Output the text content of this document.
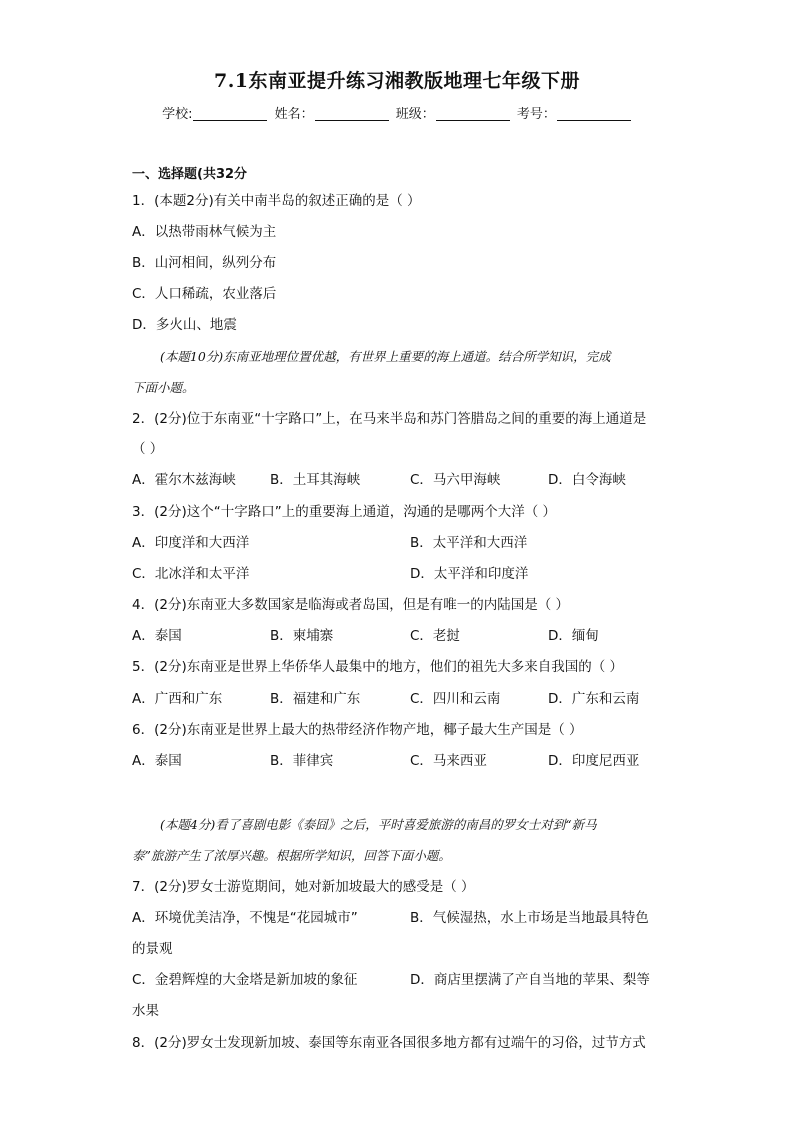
7.1东南亚提升练习湘教版地理七年级下册
学校:	姓名：	班级：	考号：
一、选择题(共32分
1．(本题2分)有关中南半岛的叙述正确的是（ ）
A．以热带雨林气候为主
B．山河相间，纵列分布
C．人口稀疏，农业落后
D．多火山、地震
(本题10分)东南亚地理位置优越，有世界上重要的海上通道。结合所学知识，完成
下面小题。
2．(2分)位于东南亚“十字路口”上，在马来半岛和苏门答腊岛之间的重要的海上通道是
（ ）
A．霍尔木兹海峡	B．土耳其海峡	C．马六甲海峡	D．白令海峡
3．(2分)这个“十字路口”上的重要海上通道，沟通的是哪两个大洋（ ）
A．印度洋和大西洋	B．太平洋和大西洋
C．北冰洋和太平洋	D．太平洋和印度洋
4．(2分)东南亚大多数国家是临海或者岛国，但是有唯一的内陆国是（ ）
A．泰国	B．柬埔寨	C．老挝	D．缅甸
5．(2分)东南亚是世界上华侨华人最集中的地方，他们的祖先大多来自我国的（ ）
A．广西和广东	B．福建和广东	C．四川和云南	D．广东和云南
6．(2分)东南亚是世界上最大的热带经济作物产地，椰子最大生产国是（ ）
A．泰国	B．菲律宾	C．马来西亚	D．印度尼西亚
(本题4分)看了喜剧电影《泰囧》之后，平时喜爱旅游的南昌的罗女士对到“新马
泰”旅游产生了浓厚兴趣。根据所学知识，回答下面小题。
7．(2分)罗女士游览期间，她对新加坡最大的感受是（ ）
A．环境优美洁净，不愧是“花园城市”	B．气候湿热，水上市场是当地最具特色
的景观
C．金碧辉煌的大金塔是新加坡的象征	D．商店里摆满了产自当地的苹果、梨等
水果
8．(2分)罗女士发现新加坡、泰国等东南亚各国很多地方都有过端午的习俗，过节方式
